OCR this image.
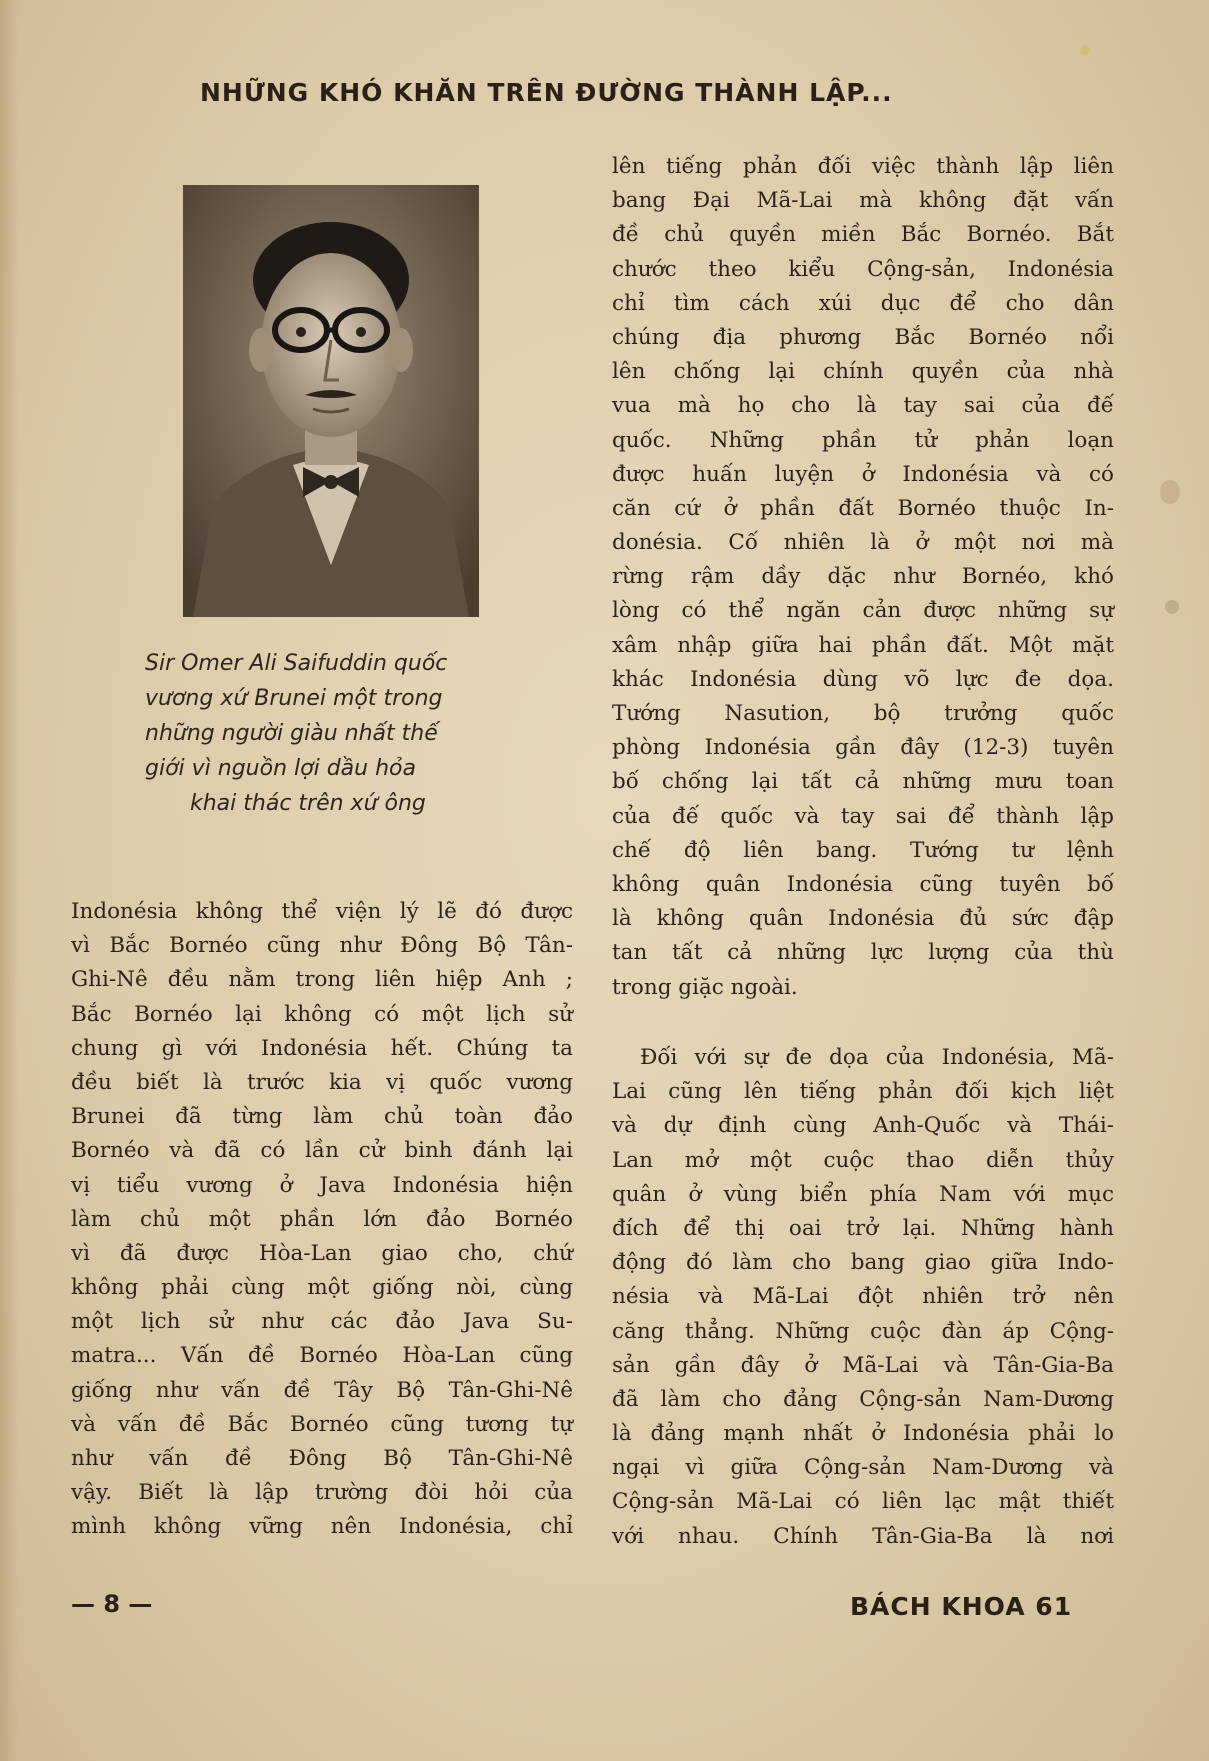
NHỮNG KHÓ KHĂN TRÊN ĐƯỜNG THÀNH LẬP...
Sir Omer Ali Saifuddin quốc
vương xứ Brunei một trong
những người giàu nhất thế
giới vì nguồn lợi dầu hỏa
khai thác trên xứ ông
Indonésia không thể viện lý lẽ đó được
vì Bắc Bornéo cũng như Đông Bộ Tân-
Ghi-Nê đều nằm trong liên hiệp Anh ;
Bắc Bornéo lại không có một lịch sử
chung gì với Indonésia hết. Chúng ta
đều biết là trước kia vị quốc vương
Brunei đã từng làm chủ toàn đảo
Bornéo và đã có lần cử binh đánh lại
vị tiểu vương ở Java Indonésia hiện
làm chủ một phần lớn đảo Bornéo
vì đã được Hòa-Lan giao cho, chứ
không phải cùng một giống nòi, cùng
một lịch sử như các đảo Java Su-
matra... Vấn đề Bornéo Hòa-Lan cũng
giống như vấn đề Tây Bộ Tân-Ghi-Nê
và vấn đề Bắc Bornéo cũng tương tự
như vấn đề Đông Bộ Tân-Ghi-Nê
vậy. Biết là lập trường đòi hỏi của
mình không vững nên Indonésia, chỉ
lên tiếng phản đối việc thành lập liên
bang Đại Mã-Lai mà không đặt vấn
đề chủ quyền miền Bắc Bornéo. Bắt
chước theo kiểu Cộng-sản, Indonésia
chỉ tìm cách xúi dục để cho dân
chúng địa phương Bắc Bornéo nổi
lên chống lại chính quyền của nhà
vua mà họ cho là tay sai của đế
quốc. Những phần tử phản loạn
được huấn luyện ở Indonésia và có
căn cứ ở phần đất Bornéo thuộc In-
donésia. Cố nhiên là ở một nơi mà
rừng rậm dầy dặc như Bornéo, khó
lòng có thể ngăn cản được những sự
xâm nhập giữa hai phần đất. Một mặt
khác Indonésia dùng võ lực đe dọa.
Tướng Nasution, bộ trưởng quốc
phòng Indonésia gần đây (12-3) tuyên
bố chống lại tất cả những mưu toan
của đế quốc và tay sai để thành lập
chế độ liên bang. Tướng tư lệnh
không quân Indonésia cũng tuyên bố
là không quân Indonésia đủ sức đập
tan tất cả những lực lượng của thù
trong giặc ngoài.
Đối với sự đe dọa của Indonésia, Mã-
Lai cũng lên tiếng phản đối kịch liệt
và dự định cùng Anh-Quốc và Thái-
Lan mở một cuộc thao diễn thủy
quân ở vùng biển phía Nam với mục
đích để thị oai trở lại. Những hành
động đó làm cho bang giao giữa Indo-
nésia và Mã-Lai đột nhiên trở nên
căng thẳng. Những cuộc đàn áp Cộng-
sản gần đây ở Mã-Lai và Tân-Gia-Ba
đã làm cho đảng Cộng-sản Nam-Dương
là đảng mạnh nhất ở Indonésia phải lo
ngại vì giữa Cộng-sản Nam-Dương và
Cộng-sản Mã-Lai có liên lạc mật thiết
với nhau. Chính Tân-Gia-Ba là nơi
— 8 —	BÁCH KHOA 61
